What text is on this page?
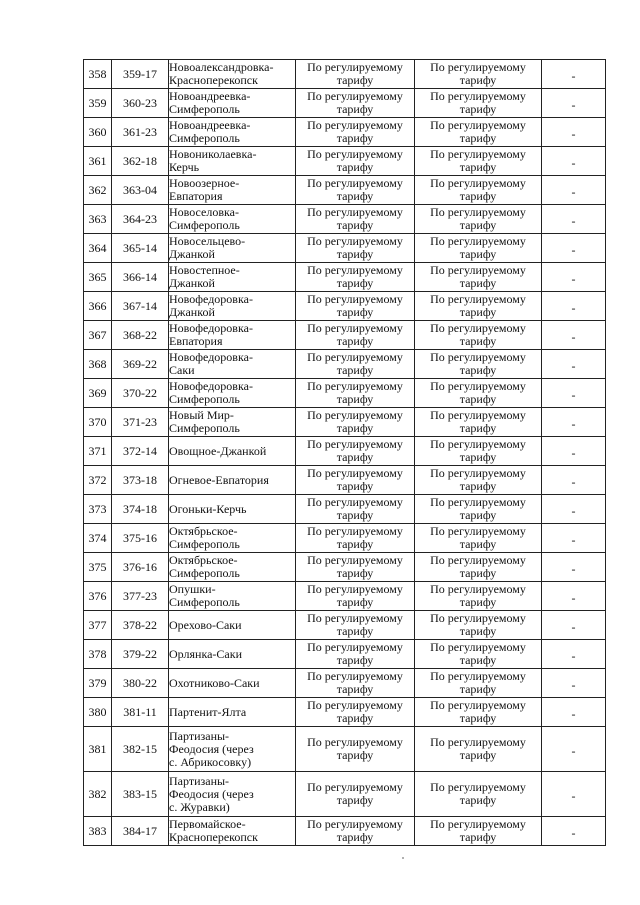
358	359-17	Новоалександровка-
Красноперекопск	По регулируемому
тарифу	По регулируемому
тарифу	-
359	360-23	Новоандреевка-
Симферополь	По регулируемому
тарифу	По регулируемому
тарифу	-
360	361-23	Новоандреевка-
Симферополь	По регулируемому
тарифу	По регулируемому
тарифу	-
361	362-18	Новониколаевка-
Керчь	По регулируемому
тарифу	По регулируемому
тарифу	-
362	363-04	Новоозерное-
Евпатория	По регулируемому
тарифу	По регулируемому
тарифу	-
363	364-23	Новоселовка-
Симферополь	По регулируемому
тарифу	По регулируемому
тарифу	-
364	365-14	Новосельцево-
Джанкой	По регулируемому
тарифу	По регулируемому
тарифу	-
365	366-14	Новостепное-
Джанкой	По регулируемому
тарифу	По регулируемому
тарифу	-
366	367-14	Новофедоровка-
Джанкой	По регулируемому
тарифу	По регулируемому
тарифу	-
367	368-22	Новофедоровка-
Евпатория	По регулируемому
тарифу	По регулируемому
тарифу	-
368	369-22	Новофедоровка-
Саки	По регулируемому
тарифу	По регулируемому
тарифу	-
369	370-22	Новофедоровка-
Симферополь	По регулируемому
тарифу	По регулируемому
тарифу	-
370	371-23	Новый Мир-
Симферополь	По регулируемому
тарифу	По регулируемому
тарифу	-
371	372-14	Овощное-Джанкой	По регулируемому
тарифу	По регулируемому
тарифу	-
372	373-18	Огневое-Евпатория	По регулируемому
тарифу	По регулируемому
тарифу	-
373	374-18	Огоньки-Керчь	По регулируемому
тарифу	По регулируемому
тарифу	-
374	375-16	Октябрьское-
Симферополь	По регулируемому
тарифу	По регулируемому
тарифу	-
375	376-16	Октябрьское-
Симферополь	По регулируемому
тарифу	По регулируемому
тарифу	-
376	377-23	Опушки-
Симферополь	По регулируемому
тарифу	По регулируемому
тарифу	-
377	378-22	Орехово-Саки	По регулируемому
тарифу	По регулируемому
тарифу	-
378	379-22	Орлянка-Саки	По регулируемому
тарифу	По регулируемому
тарифу	-
379	380-22	Охотниково-Саки	По регулируемому
тарифу	По регулируемому
тарифу	-
380	381-11	Партенит-Ялта	По регулируемому
тарифу	По регулируемому
тарифу	-
381	382-15	Партизаны-
Феодосия (через
с. Абрикосовку)	По регулируемому
тарифу	По регулируемому
тарифу	-
382	383-15	Партизаны-
Феодосия (через
с. Журавки)	По регулируемому
тарифу	По регулируемому
тарифу	-
383	384-17	Первомайское-
Красноперекопск	По регулируемому
тарифу	По регулируемому
тарифу	-
